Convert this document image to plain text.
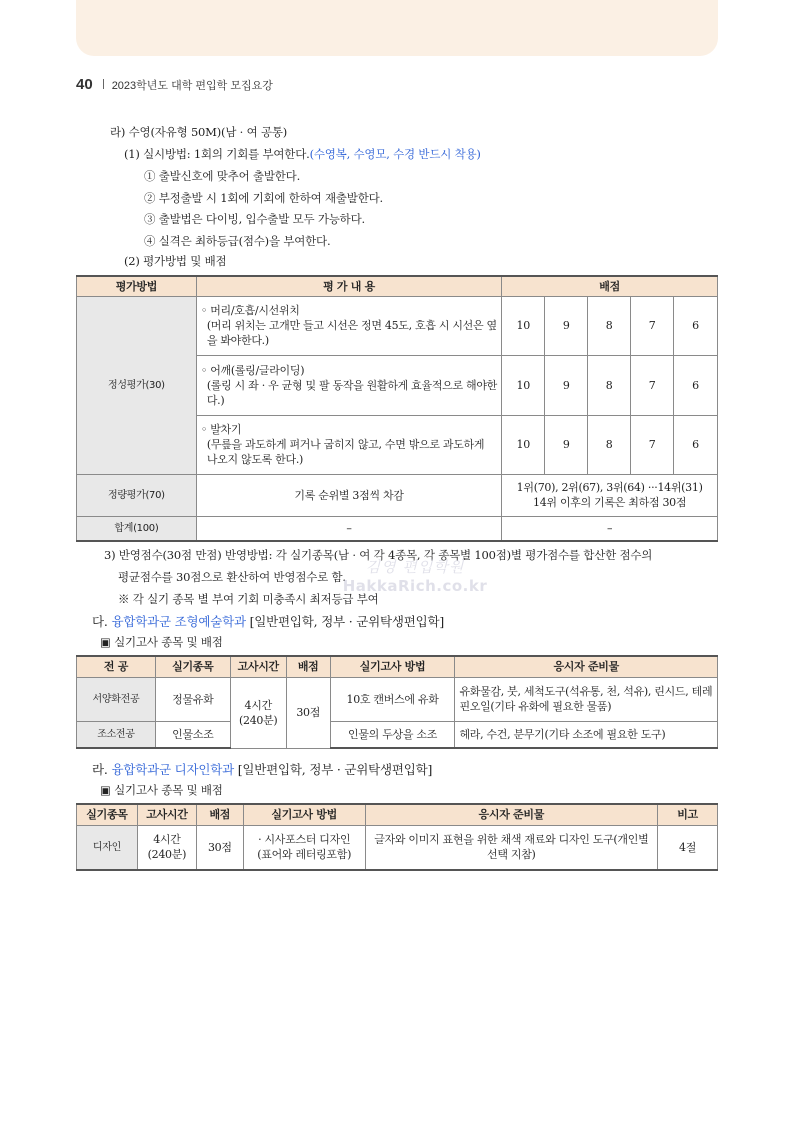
40 2023학년도 대학 편입학 모집요강
라) 수영(자유형 50M)(남 · 여 공통)
(1) 실시방법: 1회의 기회를 부여한다.(수영복, 수영모, 수경 반드시 착용)
① 출발신호에 맞추어 출발한다.
② 부정출발 시 1회에 기회에 한하여 재출발한다.
③ 출발법은 다이빙, 입수출발 모두 가능하다.
④ 실격은 최하등급(점수)을 부여한다.
(2) 평가방법 및 배점
평가방법	평 가 내 용	배점				
정성평가(30)	◦ 머리/호흡/시선위치
(머리 위치는 고개만 들고 시선은 정면 45도, 호흡 시 시선은 옆을 봐야한다.)	10	9	8	7	6

	◦ 어깨(롤링/글라이딩)
(롤링 시 좌 · 우 균형 및 팔 동작을 원활하게 효율적으로 해야한다.)	10	9	8	7	6

	◦ 발차기
(무릎을 과도하게 펴거나 굽히지 않고, 수면 밖으로 과도하게 나오지 않도록 한다.)	10	9	8	7	6
정량평가(70)	기록 순위별 3점씩 차감	1위(70), 2위(67), 3위(64) ···14위(31)
14위 이후의 기록은 최하점 30점				

합계(100)	–	–				
3) 반영점수(30점 만점) 반영방법: 각 실기종목(남 · 여 각 4종목, 각 종목별 100점)별 평가점수를 합산한 점수의
평균점수를 30점으로 환산하여 반영점수로 함.
※ 각 실기 종목 별 부여 기회 미충족시 최저등급 부여
김영 편입학원
HakkaRich.co.kr
다. 융합학과군 조형예술학과 [일반편입학, 정부 · 군위탁생편입학]
▣ 실기고사 종목 및 배점
전 공	실기종목	고사시간	배점	실기고사 방법	응시자 준비물
서양화전공	정물유화	4시간
(240분)	30점	10호 캔버스에 유화	유화물감, 붓, 세척도구(석유통, 천, 석유), 린시드, 테레핀오일(기타 유화에 필요한 물품)
조소전공	인물소조			인물의 두상을 소조	헤라, 수건, 분무기(기타 소조에 필요한 도구)
라. 융합학과군 디자인학과 [일반편입학, 정부 · 군위탁생편입학]
▣ 실기고사 종목 및 배점
실기종목	고사시간	배점	실기고사 방법	응시자 준비물	비고
디자인	4시간
(240분)	30점	· 시사포스터 디자인
(표어와 레터링포함)	글자와 이미지 표현을 위한 채색 재료와 디자인 도구(개인별 선택 지참)	4절
